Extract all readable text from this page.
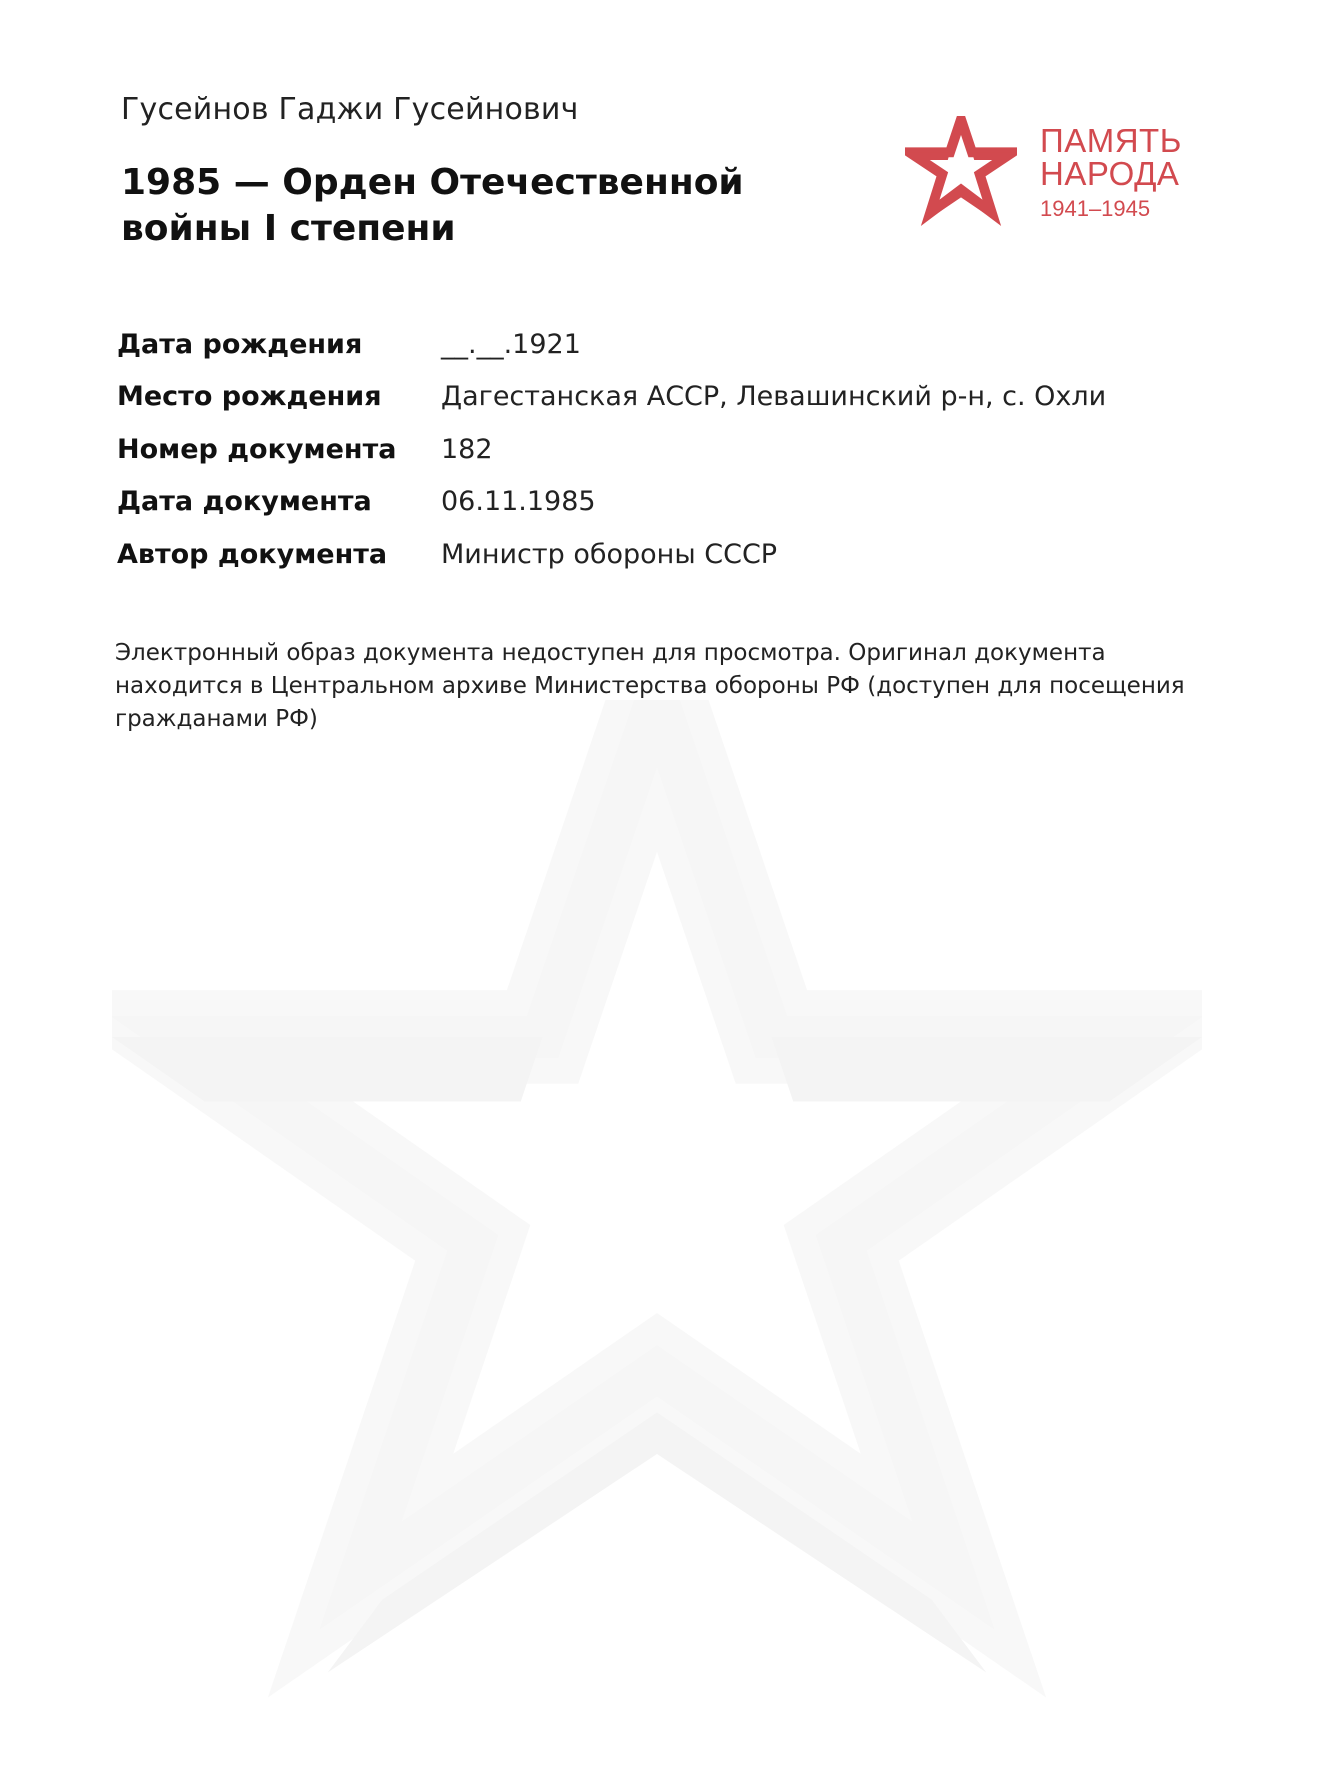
Гусейнов Гаджи Гусейнович
1985 — Орден Отечественной войны I степени
ПАМЯТЬ
НАРОДА
1941–1945
Дата рождения	__.__.1921
Место рождения	Дагестанская АССР, Левашинский р-н, с. Охли
Номер документа	182
Дата документа	06.11.1985
Автор документа	Министр обороны СССР
Электронный образ документа недоступен для просмотра. Оригинал документа находится в Центральном архиве Министерства обороны РФ (доступен для посещения гражданами РФ)
